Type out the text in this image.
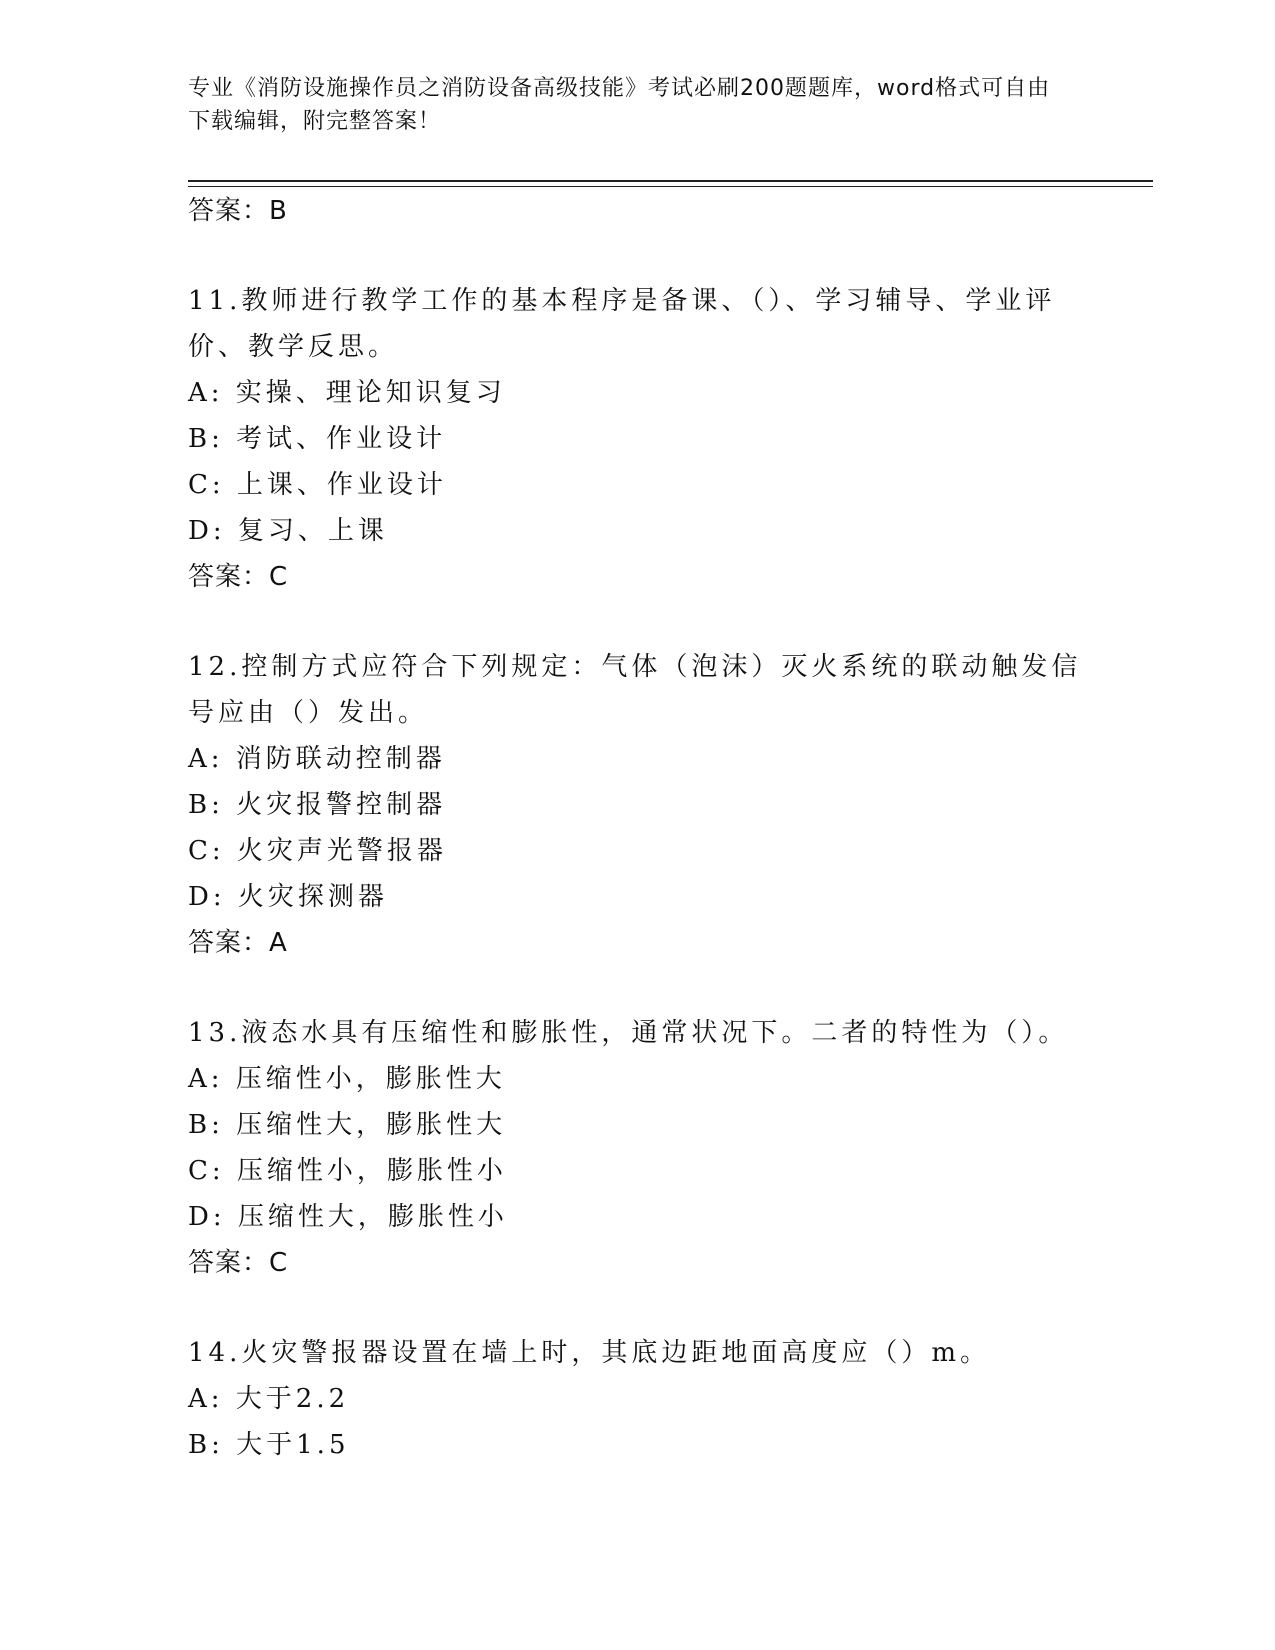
专业《消防设施操作员之消防设备高级技能》考试必刷200题题库，word格式可自由下载编辑，附完整答案！
答案：B
11.教师进行教学工作的基本程序是备课、（）、学习辅导、学业评价、教学反思。
A: 实操、理论知识复习
B: 考试、作业设计
C: 上课、作业设计
D: 复习、上课
答案：C
12.控制方式应符合下列规定：气体（泡沫）灭火系统的联动触发信号应由（）发出。
A: 消防联动控制器
B: 火灾报警控制器
C: 火灾声光警报器
D: 火灾探测器
答案：A
13.液态水具有压缩性和膨胀性，通常状况下。二者的特性为（）。
A: 压缩性小，膨胀性大
B: 压缩性大，膨胀性大
C: 压缩性小，膨胀性小
D: 压缩性大，膨胀性小
答案：C
14.火灾警报器设置在墙上时，其底边距地面高度应（）m。
A: 大于2.2
B: 大于1.5
